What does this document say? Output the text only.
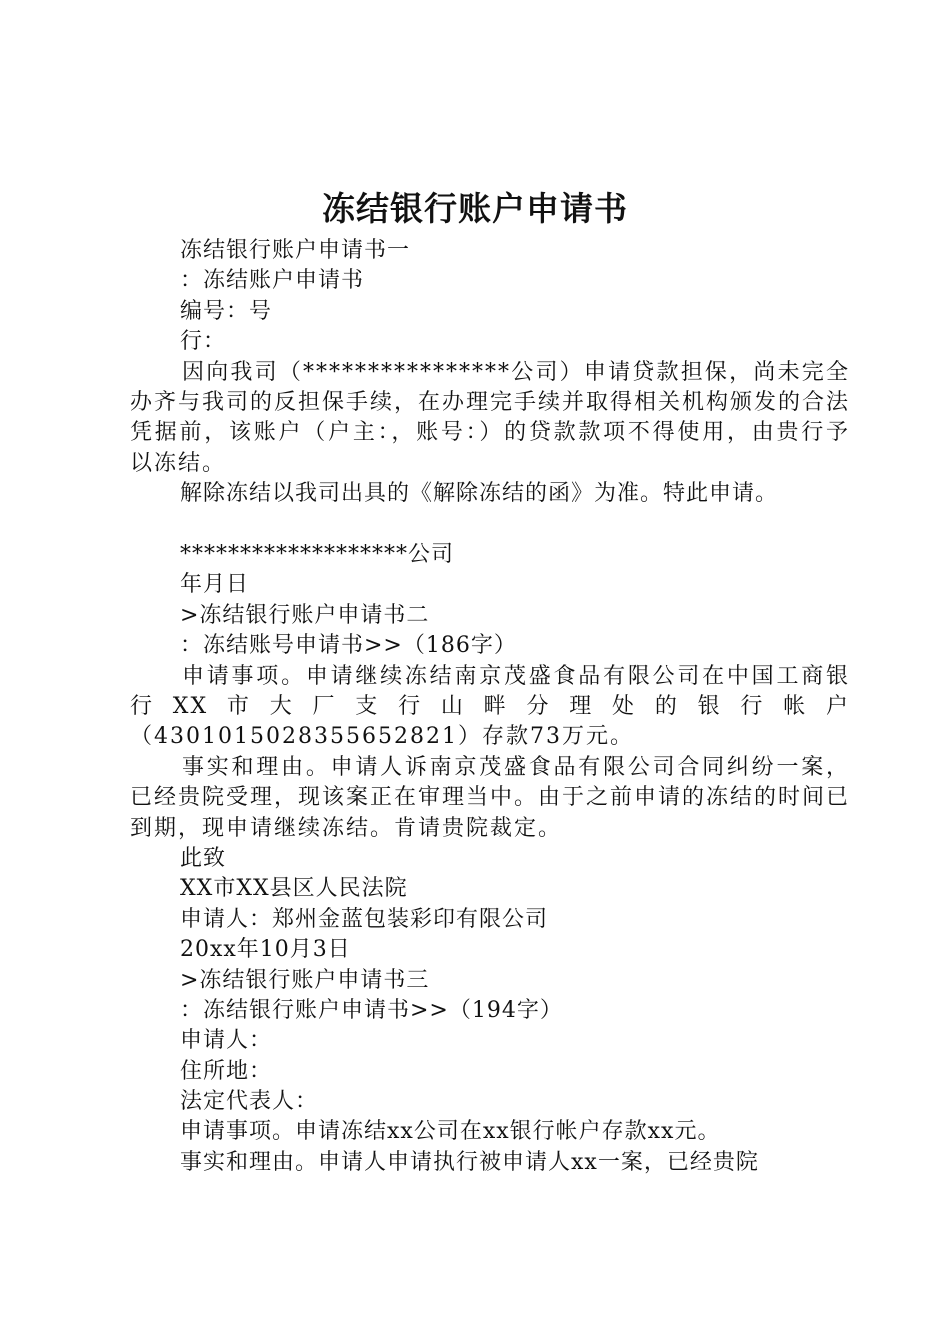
冻结银行账户申请书
冻结银行账户申请书一
：冻结账户申请书
编号：号
行：
因向我司（****************公司）申请贷款担保，尚未完全办齐与我司的反担保手续，在办理完手续并取得相关机构颁发的合法凭据前，该账户（户主：，账号：）的贷款款项不得使用，由贵行予以冻结。
解除冻结以我司出具的《解除冻结的函》为准。特此申请。
*******************公司
年月日
>冻结银行账户申请书二
：冻结账号申请书>>（186字）
申请事项。申请继续冻结南京茂盛食品有限公司在中国工商银行XX市大厂支行山畔分理处的银行帐户（4301015028355652821）存款73万元。
事实和理由。申请人诉南京茂盛食品有限公司合同纠纷一案，已经贵院受理，现该案正在审理当中。由于之前申请的冻结的时间已到期，现申请继续冻结。肯请贵院裁定。
此致
XX市XX县区人民法院
申请人：郑州金蓝包装彩印有限公司
20xx年10月3日
>冻结银行账户申请书三
：冻结银行账户申请书>>（194字）
申请人：
住所地：
法定代表人：
申请事项。申请冻结xx公司在xx银行帐户存款xx元。
事实和理由。申请人申请执行被申请人xx一案，已经贵院
